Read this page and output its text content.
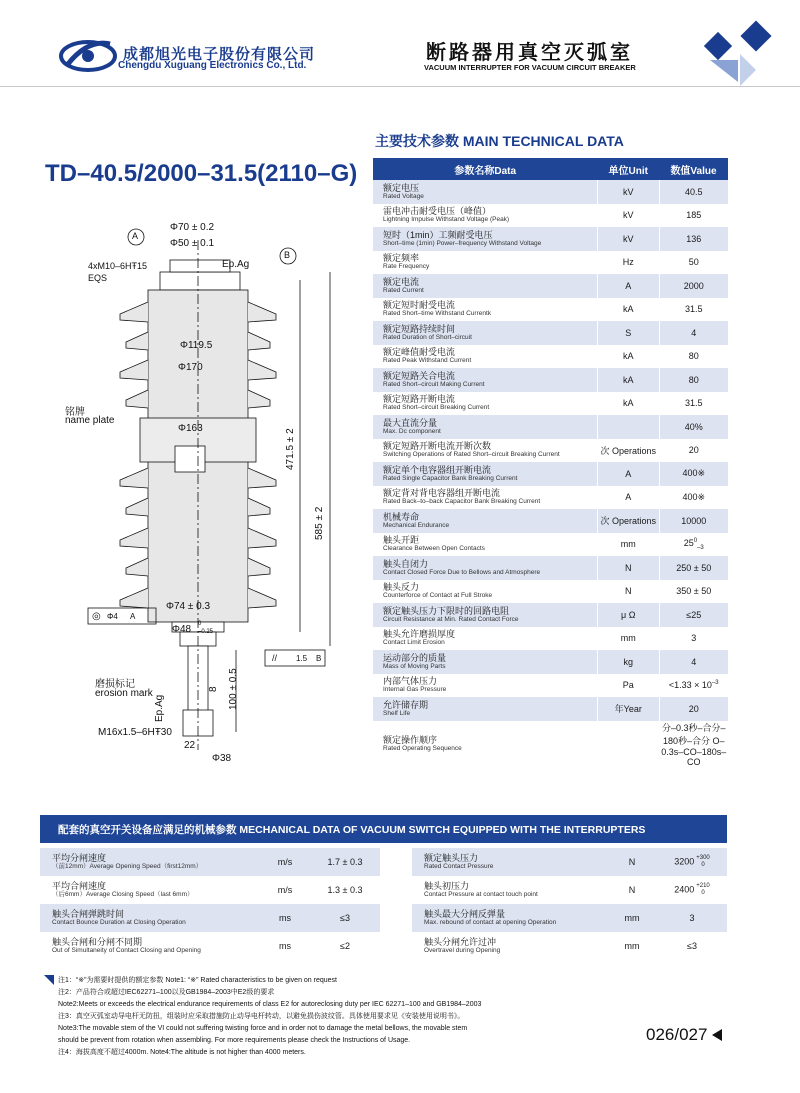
成都旭光电子股份有限公司
Chengdu Xuguang Electronics Co., Ltd.
断路器用真空灭弧室
VACUUM INTERRUPTER FOR VACUUM CIRCUIT BREAKER
TD–40.5/2000–31.5(2110–G)
主要技术参数 MAIN TECHNICAL DATA
Φ70 ± 0.2
Φ50 ± 0.1
4xM10–6HŦ15
EQS
Ep.Ag
A
B
Φ119.5
Φ170
铭牌
name plate
Φ163	471.5 ± 2
585 ± 2
Φ74 ± 0.3
◎ Φ4 A
Φ48 0
–0.25
// 1.5 B
磨损标记
erosion mark
Ep.Ag
8 100 ± 0.5
M16x1.5–6HŦ30
22
Φ38
参数名称Data	单位Unit	数值Value

额定电压
Rated Voltage	kV	40.5

雷电冲击耐受电压（峰值）
Lightning Impulse Withstand Voltage (Peak)	kV	185

短时（1min）工频耐受电压
Short–time (1min) Power–frequency Withstand Voltage	kV	136

额定频率
Rate Frequency	Hz	50

额定电流
Rated Current	A	2000

额定短时耐受电流
Rated Short–time Withstand Currentk	kA	31.5

额定短路持续时间
Rated Duration of Short–circuit	S	4

额定峰值耐受电流
Rated Peak Withstand Current	kA	80

额定短路关合电流
Rated Short–circuit Making Current	kA	80

额定短路开断电流
Rated Short–circuit Breaking Current	kA	31.5

最大直流分量
Max. Dc component		40%

额定短路开断电流开断次数
Switching Operations of Rated Short–circuit Breaking Current	次 Operations	20

额定单个电容器组开断电流
Rated Single Capacitor Bank Breaking Current	A	400※

额定背对背电容器组开断电流
Rated Back–to–back Capacitor Bank Breaking Current	A	400※

机械寿命
Mechanical Endurance	次 Operations	10000

触头开距
Clearance Between Open Contacts	mm	$25^0_{-3}$

触头自闭力
Contact Closed Force Due to Bellows and Atmosphere	N	250 ± 50

触头反力
Counterforce of Contact at Full Stroke	N	350 ± 50

额定触头压力下限时的回路电阻
Circuit Resistance at Min. Rated Contact Force	μ Ω	≤25

触头允许磨损厚度
Contact Limit Erosion	mm	3

运动部分的质量
Mass of Moving Parts	kg	4

内部气体压力
Internal Gas Pressure	Pa	$<1.33 \times 10^{-3}$

允许储存期
Shelf Life	年Year	20

额定操作顺序
Rated Operating Sequence		分–0.3秒–合分–180秒–合分 O–0.3s–CO–180s–CO
配套的真空开关设备应满足的机械参数 MECHANICAL DATA OF VACUUM SWITCH EQUIPPED WITH THE INTERRUPTERS
平均分闸速度
（前12mm）Average Opening Speed（first12mm）	m/s	1.7 ± 0.3

平均合闸速度
（后6mm）Average Closing Speed（last 6mm）	m/s	1.3 ± 0.3

触头合闸弹跳时间
Contact Bounce Duration at Closing Operation	ms	≤3

触头合闸和分闸不同期
Out of Simultaneity of Contact Closing and Opening	ms	≤2
额定触头压力
Rated Contact Pressure	N	3200 +300
0

触头初压力
Contact Pressure at contact touch point	N	2400 +210
0

触头最大分闸反弹量
Max. rebound of contact at opening Operation	mm	3

触头分闸允许过冲
Overtravel during Opening	mm	≤3
注1：“※”为需要时提供的额定参数 Note1: “※” Rated characteristics to be given on request
注2：产品符合或超过IEC62271–100以及GB1984–2003中E2级的要求
Note2:Meets or exceeds the electrical endurance requirements of class E2 for autoreclosing duty per IEC 62271–100 and GB1984–2003
注3：真空灭弧室动导电杆无防扭，组装时应采取措施防止动导电杆转动，以避免损伤波纹管。具体使用要求见《安装使用说明书》。
Note3:The movable stem of the VI could not suffering twisting force and in order not to damage the metal bellows, the movable stem
should be prevent from rotation when assembling. For more requirements please check the Instructions of Usage.
注4：海拔高度不超过4000m. Note4:The altitude is not higher than 4000 meters.
026/027
